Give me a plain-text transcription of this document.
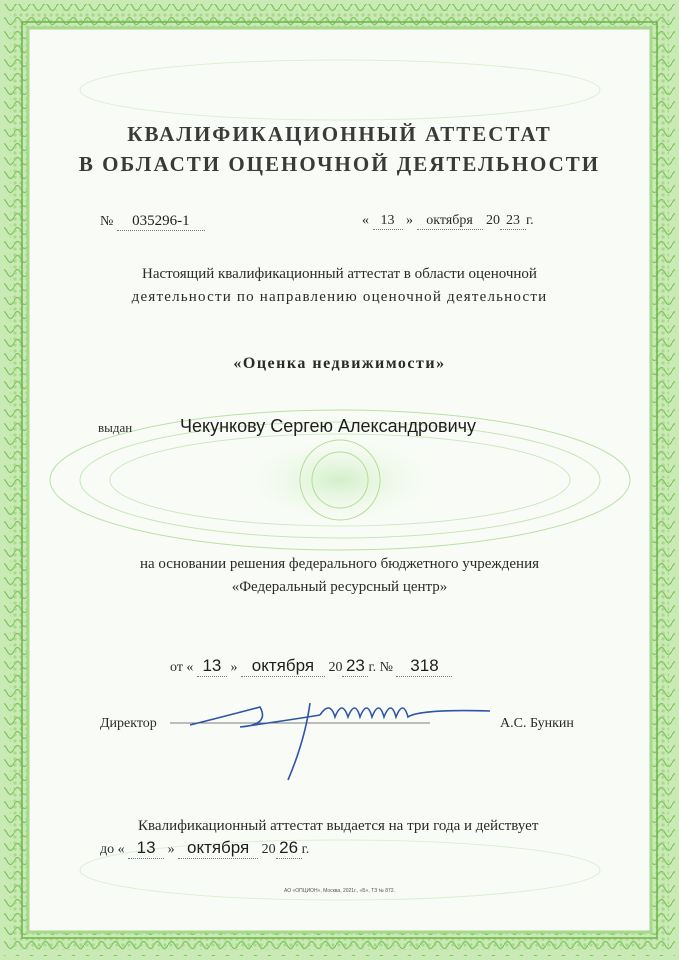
КВАЛИФИКАЦИОННЫЙ АТТЕСТАТ
В ОБЛАСТИ ОЦЕНОЧНОЙ ДЕЯТЕЛЬНОСТИ
№ 035296-1	« 13 » октября 20 23 г.
Настоящий квалификационный аттестат в области оценочной
деятельности по направлению оценочной деятельности
«Оценка недвижимости»
выдан	Чекункову Сергею Александровичу
на основании решения федерального бюджетного учреждения
«Федеральный ресурсный центр»
от « 13 » октября 20 23 г. № 318
Директор	А.С. Бункин
Квалификационный аттестат выдается на три года и действует
до « 13 » октября 20 26 г.
АО «ОПЦИОН», Москва, 2021г., «Б», ТЗ № 872.
